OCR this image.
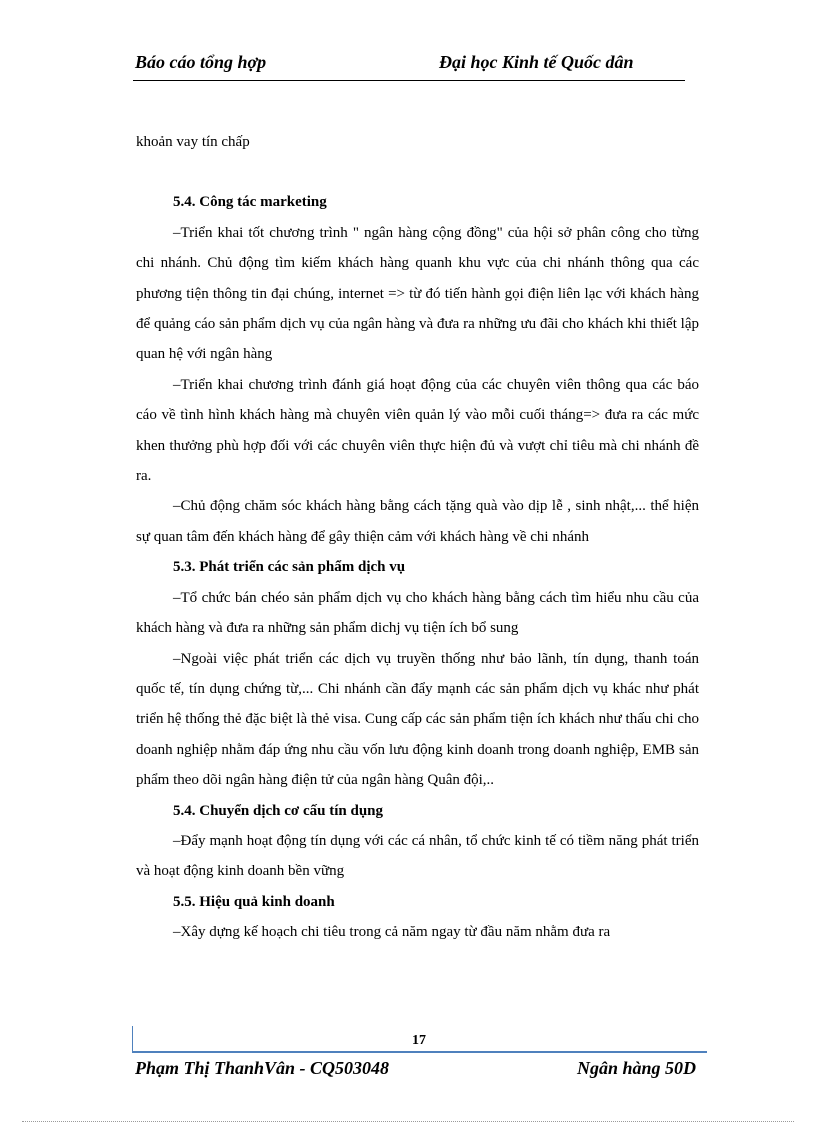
Báo cáo tổng hợp	Đại học Kinh tế Quốc dân

khoản vay tín chấp

5.4. Công tác marketing

–Triển khai tốt chương trình " ngân hàng cộng đồng" của hội sở phân công cho từng chi nhánh. Chủ động tìm kiếm khách hàng quanh khu vực của chi nhánh thông qua các phương tiện thông tin đại chúng, internet => từ đó tiến hành gọi điện liên lạc với khách hàng để quảng cáo sản phẩm dịch vụ của ngân hàng và đưa ra những ưu đãi cho khách khi thiết lập quan hệ với ngân hàng

–Triển khai chương trình đánh giá hoạt động của các chuyên viên thông qua các báo cáo về tình hình khách hàng mà chuyên viên quản lý vào mỗi cuối tháng=> đưa ra các mức khen thưởng phù hợp đối với các chuyên viên thực hiện đủ và vượt chỉ tiêu mà chi nhánh đề ra.

–Chủ động chăm sóc khách hàng bằng cách tặng quà vào dịp lễ , sinh nhật,... thể hiện sự quan tâm đến khách hàng để gây thiện cảm với khách hàng về chi nhánh

5.3. Phát triển các sản phẩm dịch vụ

–Tổ chức bán chéo sản phẩm dịch vụ cho khách hàng bằng cách tìm hiểu nhu cầu của khách hàng và đưa ra những sản phẩm dichj vụ tiện ích bổ sung

–Ngoài việc phát triển các dịch vụ truyền thống như bảo lãnh, tín dụng, thanh toán quốc tế, tín dụng chứng từ,... Chi nhánh cần đẩy mạnh các sản phẩm dịch vụ khác như phát triển hệ thống thẻ đặc biệt là thẻ visa. Cung cấp các sản phẩm tiện ích khách như thấu chi cho doanh nghiệp nhằm đáp ứng nhu cầu vốn lưu động kinh doanh trong doanh nghiệp, EMB sản phẩm theo dõi ngân hàng điện tử của ngân hàng Quân đội,..

5.4. Chuyển dịch cơ cấu tín dụng

–Đẩy mạnh hoạt động tín dụng với các cá nhân, tổ chức kinh tế có tiềm năng phát triển và hoạt động kinh doanh bền vững

5.5. Hiệu quả kinh doanh

–Xây dựng kế hoạch chi tiêu trong cả năm ngay từ đầu năm nhằm đưa ra

17
Phạm Thị ThanhVân - CQ503048	Ngân hàng 50D
